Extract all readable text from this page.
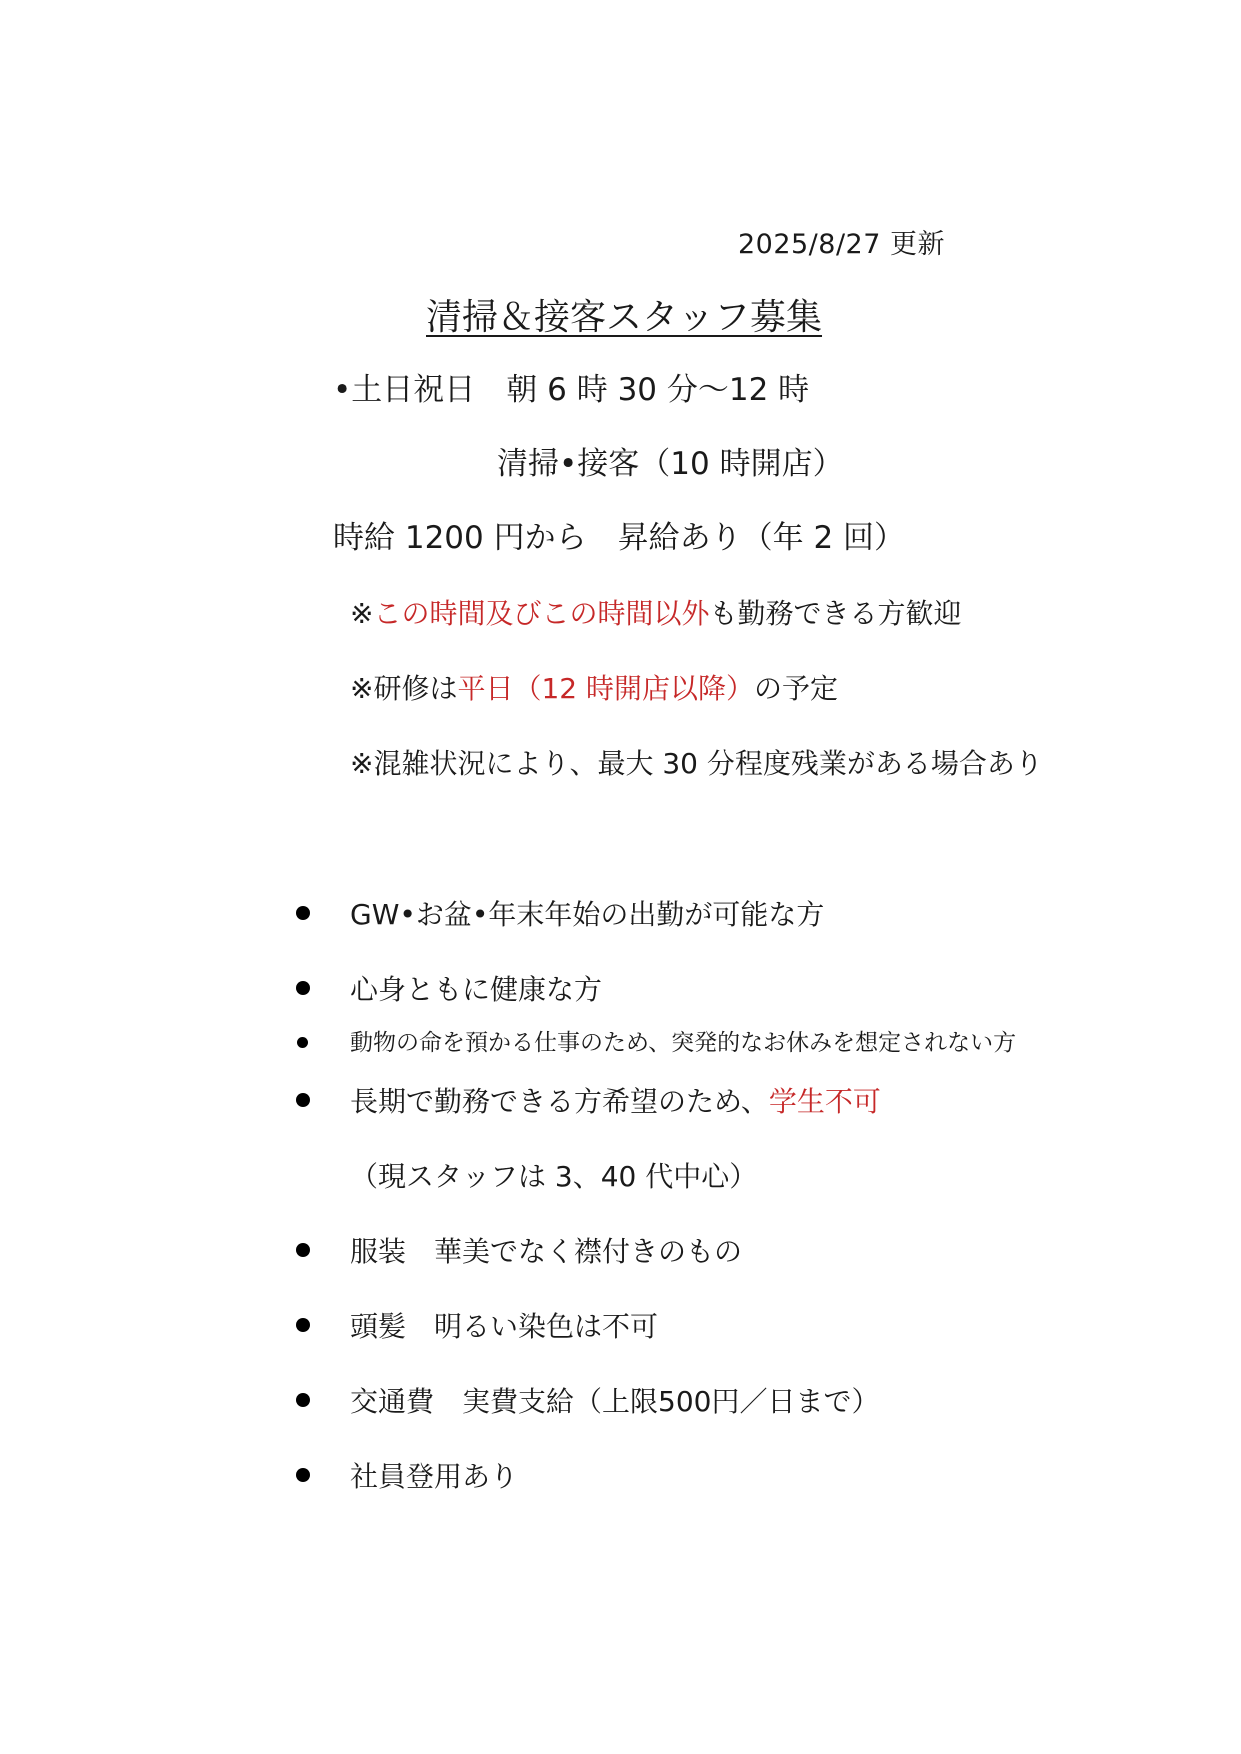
2025/8/27 更新
清掃＆接客スタッフ募集
•土日祝日　朝 6 時 30 分～12 時
清掃•接客（10 時開店）
時給 1200 円から　昇給あり（年 2 回）
※この時間及びこの時間以外も勤務できる方歓迎
※研修は平日（12 時開店以降）の予定
※混雑状況により、最大 30 分程度残業がある場合あり
GW•お盆•年末年始の出勤が可能な方
心身ともに健康な方
動物の命を預かる仕事のため、突発的なお休みを想定されない方
長期で勤務できる方希望のため、学生不可
（現スタッフは 3、40 代中心）
服装　華美でなく襟付きのもの
頭髪　明るい染色は不可
交通費　実費支給（上限500円／日まで）
社員登用あり
